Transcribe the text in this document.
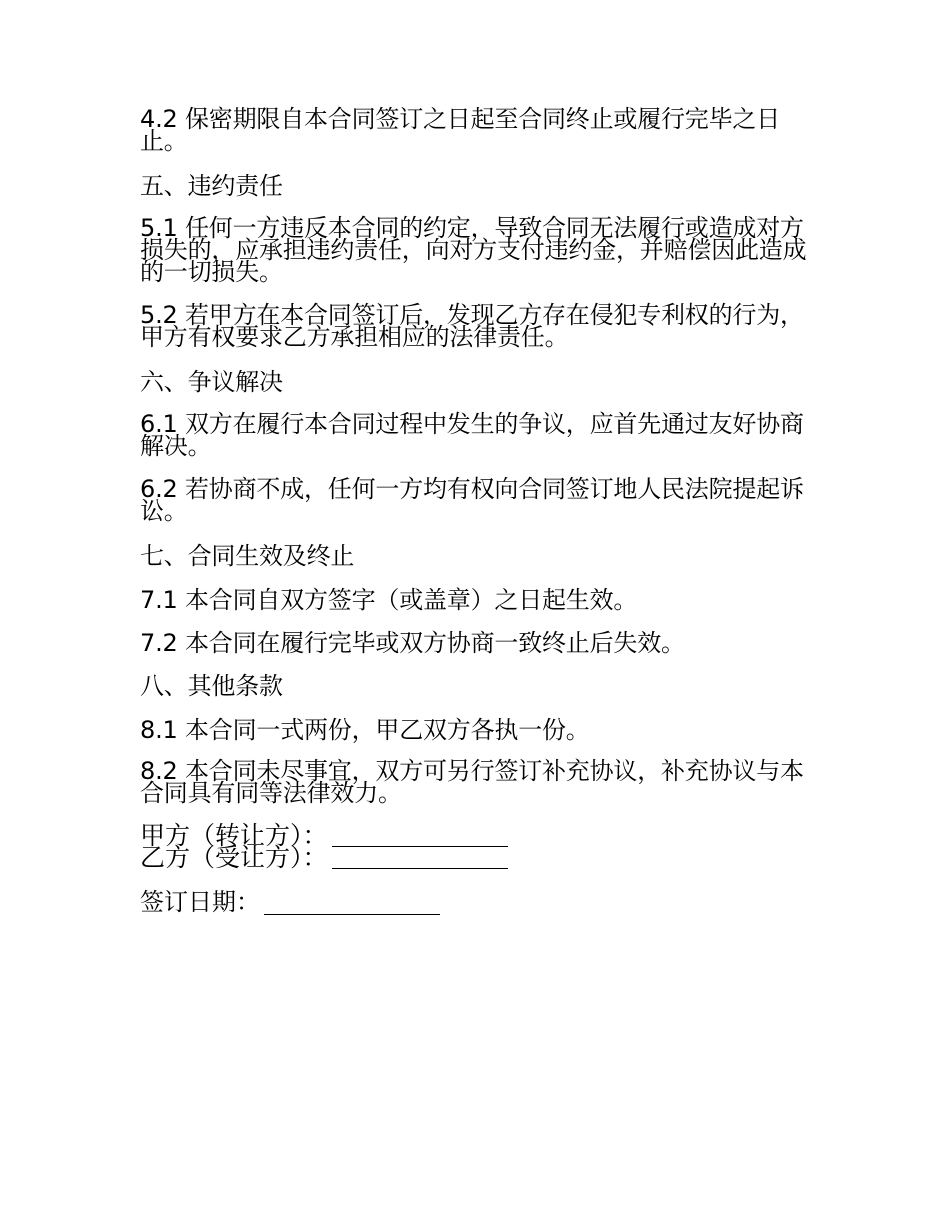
4.2 保密期限自本合同签订之日起至合同终止或履行完毕之日止。

五、违约责任

5.1 任何一方违反本合同的约定，导致合同无法履行或造成对方损失的，应承担违约责任，向对方支付违约金，并赔偿因此造成的一切损失。

5.2 若甲方在本合同签订后，发现乙方存在侵犯专利权的行为，甲方有权要求乙方承担相应的法律责任。

六、争议解决

6.1 双方在履行本合同过程中发生的争议，应首先通过友好协商解决。

6.2 若协商不成，任何一方均有权向合同签订地人民法院提起诉讼。

七、合同生效及终止

7.1 本合同自双方签字（或盖章）之日起生效。

7.2 本合同在履行完毕或双方协商一致终止后失效。

八、其他条款

8.1 本合同一式两份，甲乙双方各执一份。

8.2 本合同未尽事宜，双方可另行签订补充协议，补充协议与本合同具有同等法律效力。

甲方（转让方）：
乙方（受让方）：
签订日期：
